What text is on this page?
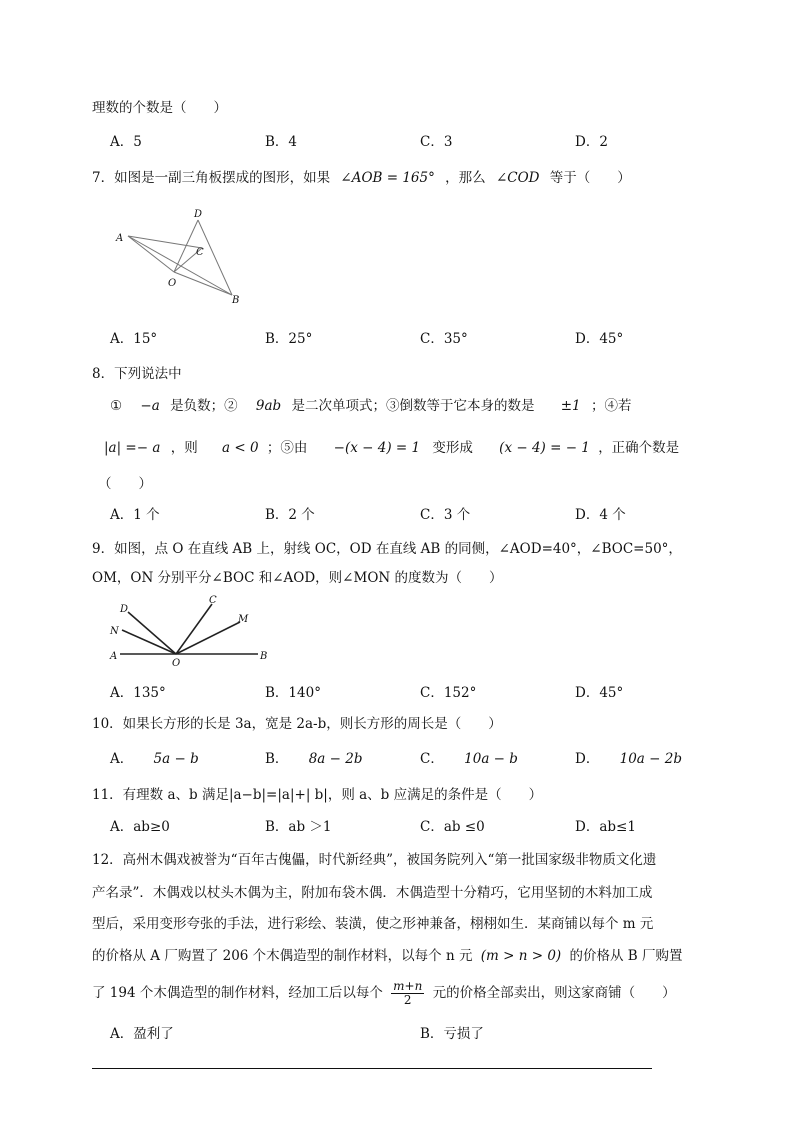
理数的个数是（　　）
A．5	B．4	C．3	D．2
7．如图是一副三角板摆成的图形，如果 ∠AOB = 165° ，那么 ∠COD 等于（　　）
A
D
C
O
B
A．15°	B．25°	C．35°	D．45°
8．下列说法中
① −a 是负数；② 9ab 是二次单项式；③倒数等于它本身的数是 ±1 ；④若
|a| =− a ，则 a < 0 ；⑤由 −(x − 4) = 1 变形成 (x − 4) = − 1 ，正确个数是
（　　）
A．1 个	B．2 个	C．3 个	D．4 个
9．如图，点 O 在直线 AB 上，射线 OC，OD 在直线 AB 的同侧，∠AOD=40°，∠BOC=50°，
OM，ON 分别平分∠BOC 和∠AOD，则∠MON 的度数为（　　）
A	B
D
N
C
M
O
A．135°	B．140°	C．152°	D．45°
10．如果长方形的长是 3a，宽是 2a-b，则长方形的周长是（　　）
A． 5a − b	B． 8a − 2b	C． 10a − b	D． 10a − 2b
11．有理数 a、b 满足|a−b|=|a|+| b|，则 a、b 应满足的条件是（　　）
A．ab≥0	B．ab ＞1	C．ab ≤0	D．ab≤1
12．高州木偶戏被誉为“百年古傀儡，时代新经典”，被国务院列入“第一批国家级非物质文化遗
产名录”．木偶戏以杖头木偶为主，附加布袋木偶．木偶造型十分精巧，它用坚韧的木料加工成
型后，采用变形夸张的手法，进行彩绘、装潢，使之形神兼备，栩栩如生．某商铺以每个 m 元
的价格从 A 厂购置了 206 个木偶造型的制作材料，以每个 n 元 (m > n > 0) 的价格从 B 厂购置
了 194 个木偶造型的制作材料，经加工后以每个 $\frac{m+n}{2}$ 元的价格全部卖出，则这家商铺（　　）
A．盈利了	B．亏损了
